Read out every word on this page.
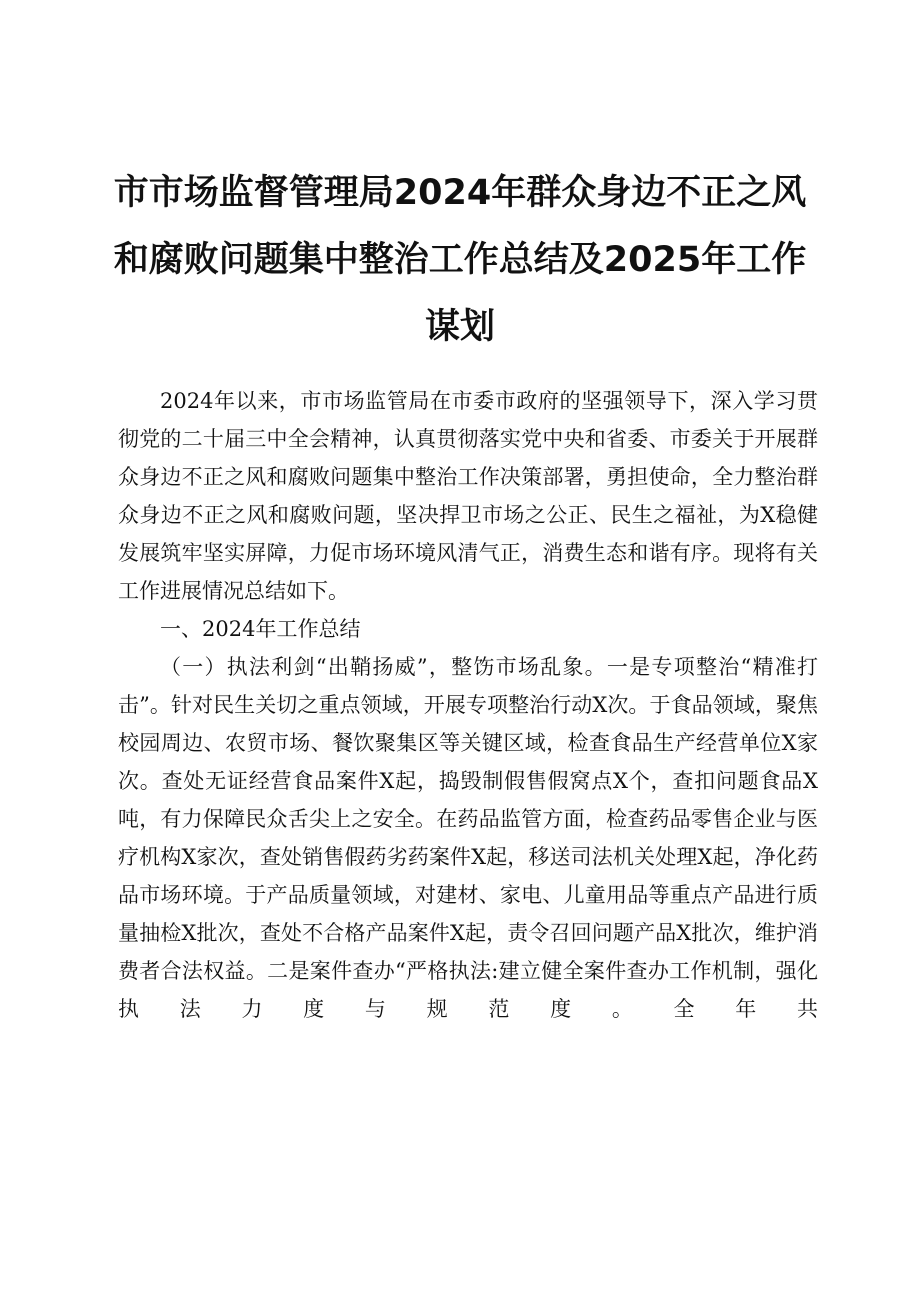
市市场监督管理局2024年群众身边不正之风
和腐败问题集中整治工作总结及2025年工作
谋划

2024年以来，市市场监管局在市委市政府的坚强领导下，深入学习贯彻党的二十届三中全会精神，认真贯彻落实党中央和省委、市委关于开展群众身边不正之风和腐败问题集中整治工作决策部署，勇担使命，全力整治群众身边不正之风和腐败问题，坚决捍卫市场之公正、民生之福祉，为X稳健发展筑牢坚实屏障，力促市场环境风清气正，消费生态和谐有序。现将有关工作进展情况总结如下。

一、2024年工作总结

（一）执法利剑“出鞘扬威”，整饬市场乱象。一是专项整治“精准打击”。针对民生关切之重点领域，开展专项整治行动X次。于食品领域，聚焦校园周边、农贸市场、餐饮聚集区等关键区域，检查食品生产经营单位X家次。查处无证经营食品案件X起，捣毁制假售假窝点X个，查扣问题食品X吨，有力保障民众舌尖上之安全。在药品监管方面，检查药品零售企业与医疗机构X家次，查处销售假药劣药案件X起，移送司法机关处理X起，净化药品市场环境。于产品质量领域，对建材、家电、儿童用品等重点产品进行质量抽检X批次，查处不合格产品案件X起，责令召回问题产品X批次，维护消费者合法权益。二是案件查办“严格执法:建立健全案件查办工作机制，强化执法力度与规范度。全年共
